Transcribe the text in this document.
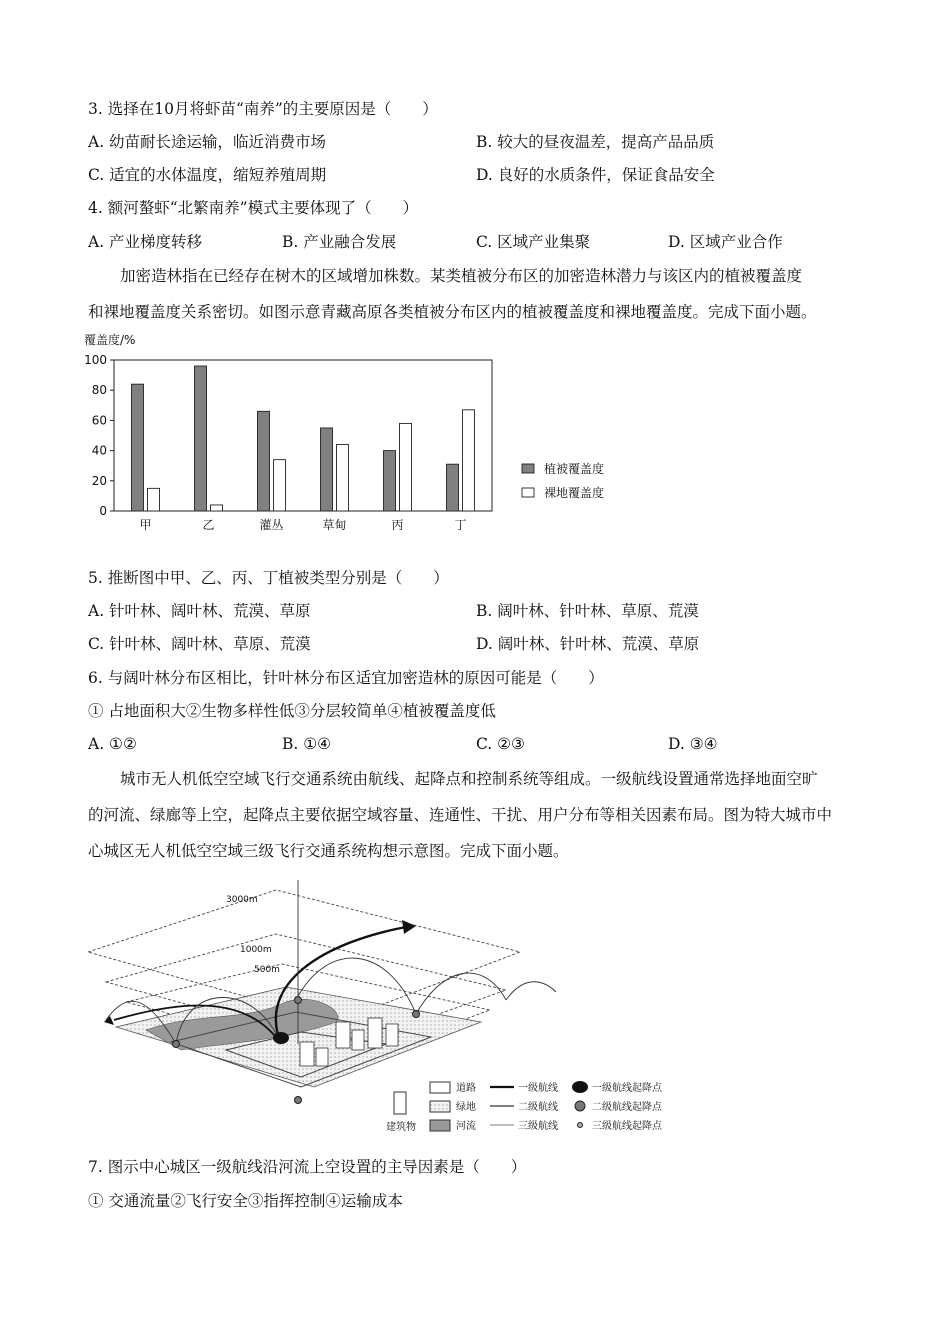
3. 选择在10月将虾苗“南养”的主要原因是（　　）
A. 幼苗耐长途运输，临近消费市场	B. 较大的昼夜温差，提高产品品质
C. 适宜的水体温度，缩短养殖周期	D. 良好的水质条件，保证食品安全
4. 额河螯虾“北繁南养”模式主要体现了（　　）
A. 产业梯度转移	B. 产业融合发展	C. 区域产业集聚	D. 区域产业合作
加密造林指在已经存在树木的区域增加株数。某类植被分布区的加密造林潜力与该区内的植被覆盖度
和裸地覆盖度关系密切。如图示意青藏高原各类植被分布区内的植被覆盖度和裸地覆盖度。完成下面小题。
覆盖度/%
0
20
40
60
80
100
甲	乙	灌丛	草甸	丙	丁
植被覆盖度
裸地覆盖度
5. 推断图中甲、乙、丙、丁植被类型分别是（　　）
A. 针叶林、阔叶林、荒漠、草原	B. 阔叶林、针叶林、草原、荒漠
C. 针叶林、阔叶林、草原、荒漠	D. 阔叶林、针叶林、荒漠、草原
6. 与阔叶林分布区相比，针叶林分布区适宜加密造林的原因可能是（　　）
① 占地面积大②生物多样性低③分层较简单④植被覆盖度低
A. ①②	B. ①④	C. ②③	D. ③④
城市无人机低空空域飞行交通系统由航线、起降点和控制系统等组成。一级航线设置通常选择地面空旷
的河流、绿廊等上空，起降点主要依据空域容量、连通性、干扰、用户分布等相关因素布局。图为特大城市中
心城区无人机低空空域三级飞行交通系统构想示意图。完成下面小题。
3000m
1000m
500m
道路
绿地
河流
建筑物
一级航线
二级航线
三级航线
一级航线起降点
二级航线起降点
三级航线起降点
7. 图示中心城区一级航线沿河流上空设置的主导因素是（　　）
① 交通流量②飞行安全③指挥控制④运输成本
